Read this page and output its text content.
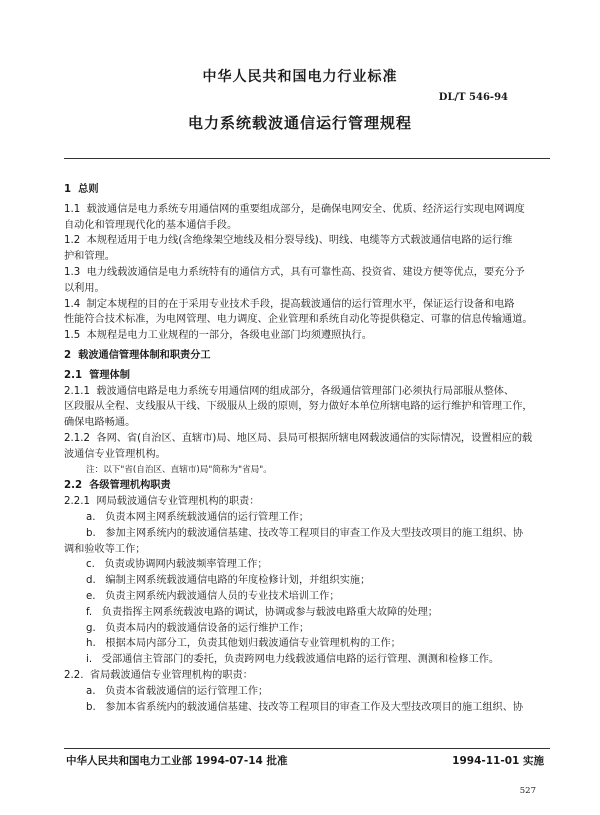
中华人民共和国电力行业标准
DL/T 546-94
电力系统载波通信运行管理规程

1  总则

1.1  载波通信是电力系统专用通信网的重要组成部分，是确保电网安全、优质、经济运行实现电网调度

自动化和管理现代化的基本通信手段。

1.2  本规程适用于电力线(含绝缘架空地线及相分裂导线)、明线、电缆等方式载波通信电路的运行维

护和管理。

1.3  电力线载波通信是电力系统特有的通信方式，具有可靠性高、投资省、建设方便等优点，要充分予

以利用。

1.4  制定本规程的目的在于采用专业技术手段，提高载波通信的运行管理水平，保证运行设备和电路

性能符合技术标准，为电网管理、电力调度、企业管理和系统自动化等提供稳定、可靠的信息传输通道。

1.5  本规程是电力工业规程的一部分，各级电业部门均须遵照执行。

2  载波通信管理体制和职责分工

2.1  管理体制

2.1.1  载波通信电路是电力系统专用通信网的组成部分，各级通信管理部门必须执行局部服从整体、

区段服从全程、支线服从干线、下级服从上级的原则，努力做好本单位所辖电路的运行维护和管理工作，

确保电路畅通。

2.1.2  各网、省(自治区、直辖市)局、地区局、县局可根据所辖电网载波通信的实际情况，设置相应的载

波通信专业管理机构。

注：以下"省(自治区、直辖市)局"简称为"省局"。

2.2  各级管理机构职责

2.2.1  网局载波通信专业管理机构的职责：

a.   负责本网主网系统载波通信的运行管理工作；

b.   参加主网系统内的载波通信基建、技改等工程项目的审查工作及大型技改项目的施工组织、协

调和验收等工作；

c.   负责或协调网内载波频率管理工作；

d.   编制主网系统载波通信电路的年度检修计划，并组织实施；

e.   负责主网系统内载波通信人员的专业技术培训工作；

f.   负责指挥主网系统载波电路的调试，协调或参与载波电路重大故障的处理；

g.   负责本局内的载波通信设备的运行维护工作；

h.   根据本局内部分工，负责其他划归载波通信专业管理机构的工作；

i.   受部通信主管部门的委托，负责跨网电力线载波通信电路的运行管理、测测和检修工作。

2.2.  省局载波通信专业管理机构的职责：

a.   负责本省载波通信的运行管理工作；

b.   参加本省系统内的载波通信基建、技改等工程项目的审查工作及大型技改项目的施工组织、协

中华人民共和国电力工业部 1994-07-14 批准	1994-11-01 实施
527
